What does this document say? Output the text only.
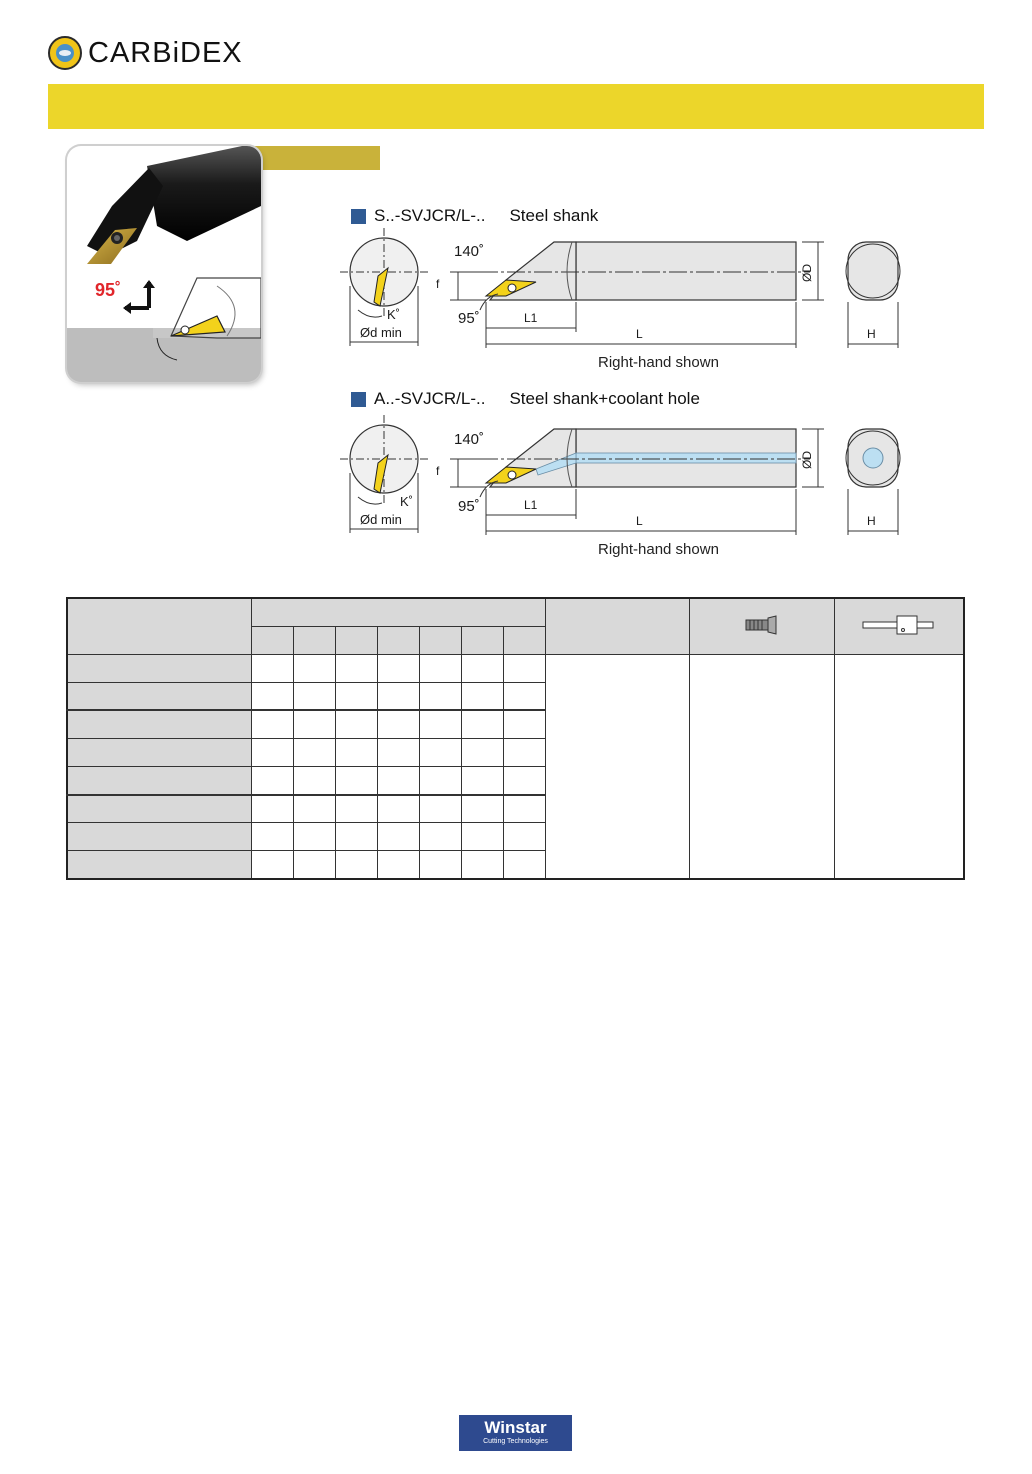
CARBiDEX
95˚
S..-SVJCR/L-.. Steel shank
140˚
f
95˚
K˚
Ød min
L1
L
ØD
H
Right-hand shown
A..-SVJCR/L-.. Steel shank+coolant hole
140˚
f
95˚
K˚
Ød min
L1
L
ØD
H
Right-hand shown

Winstar
Cutting Technologies
